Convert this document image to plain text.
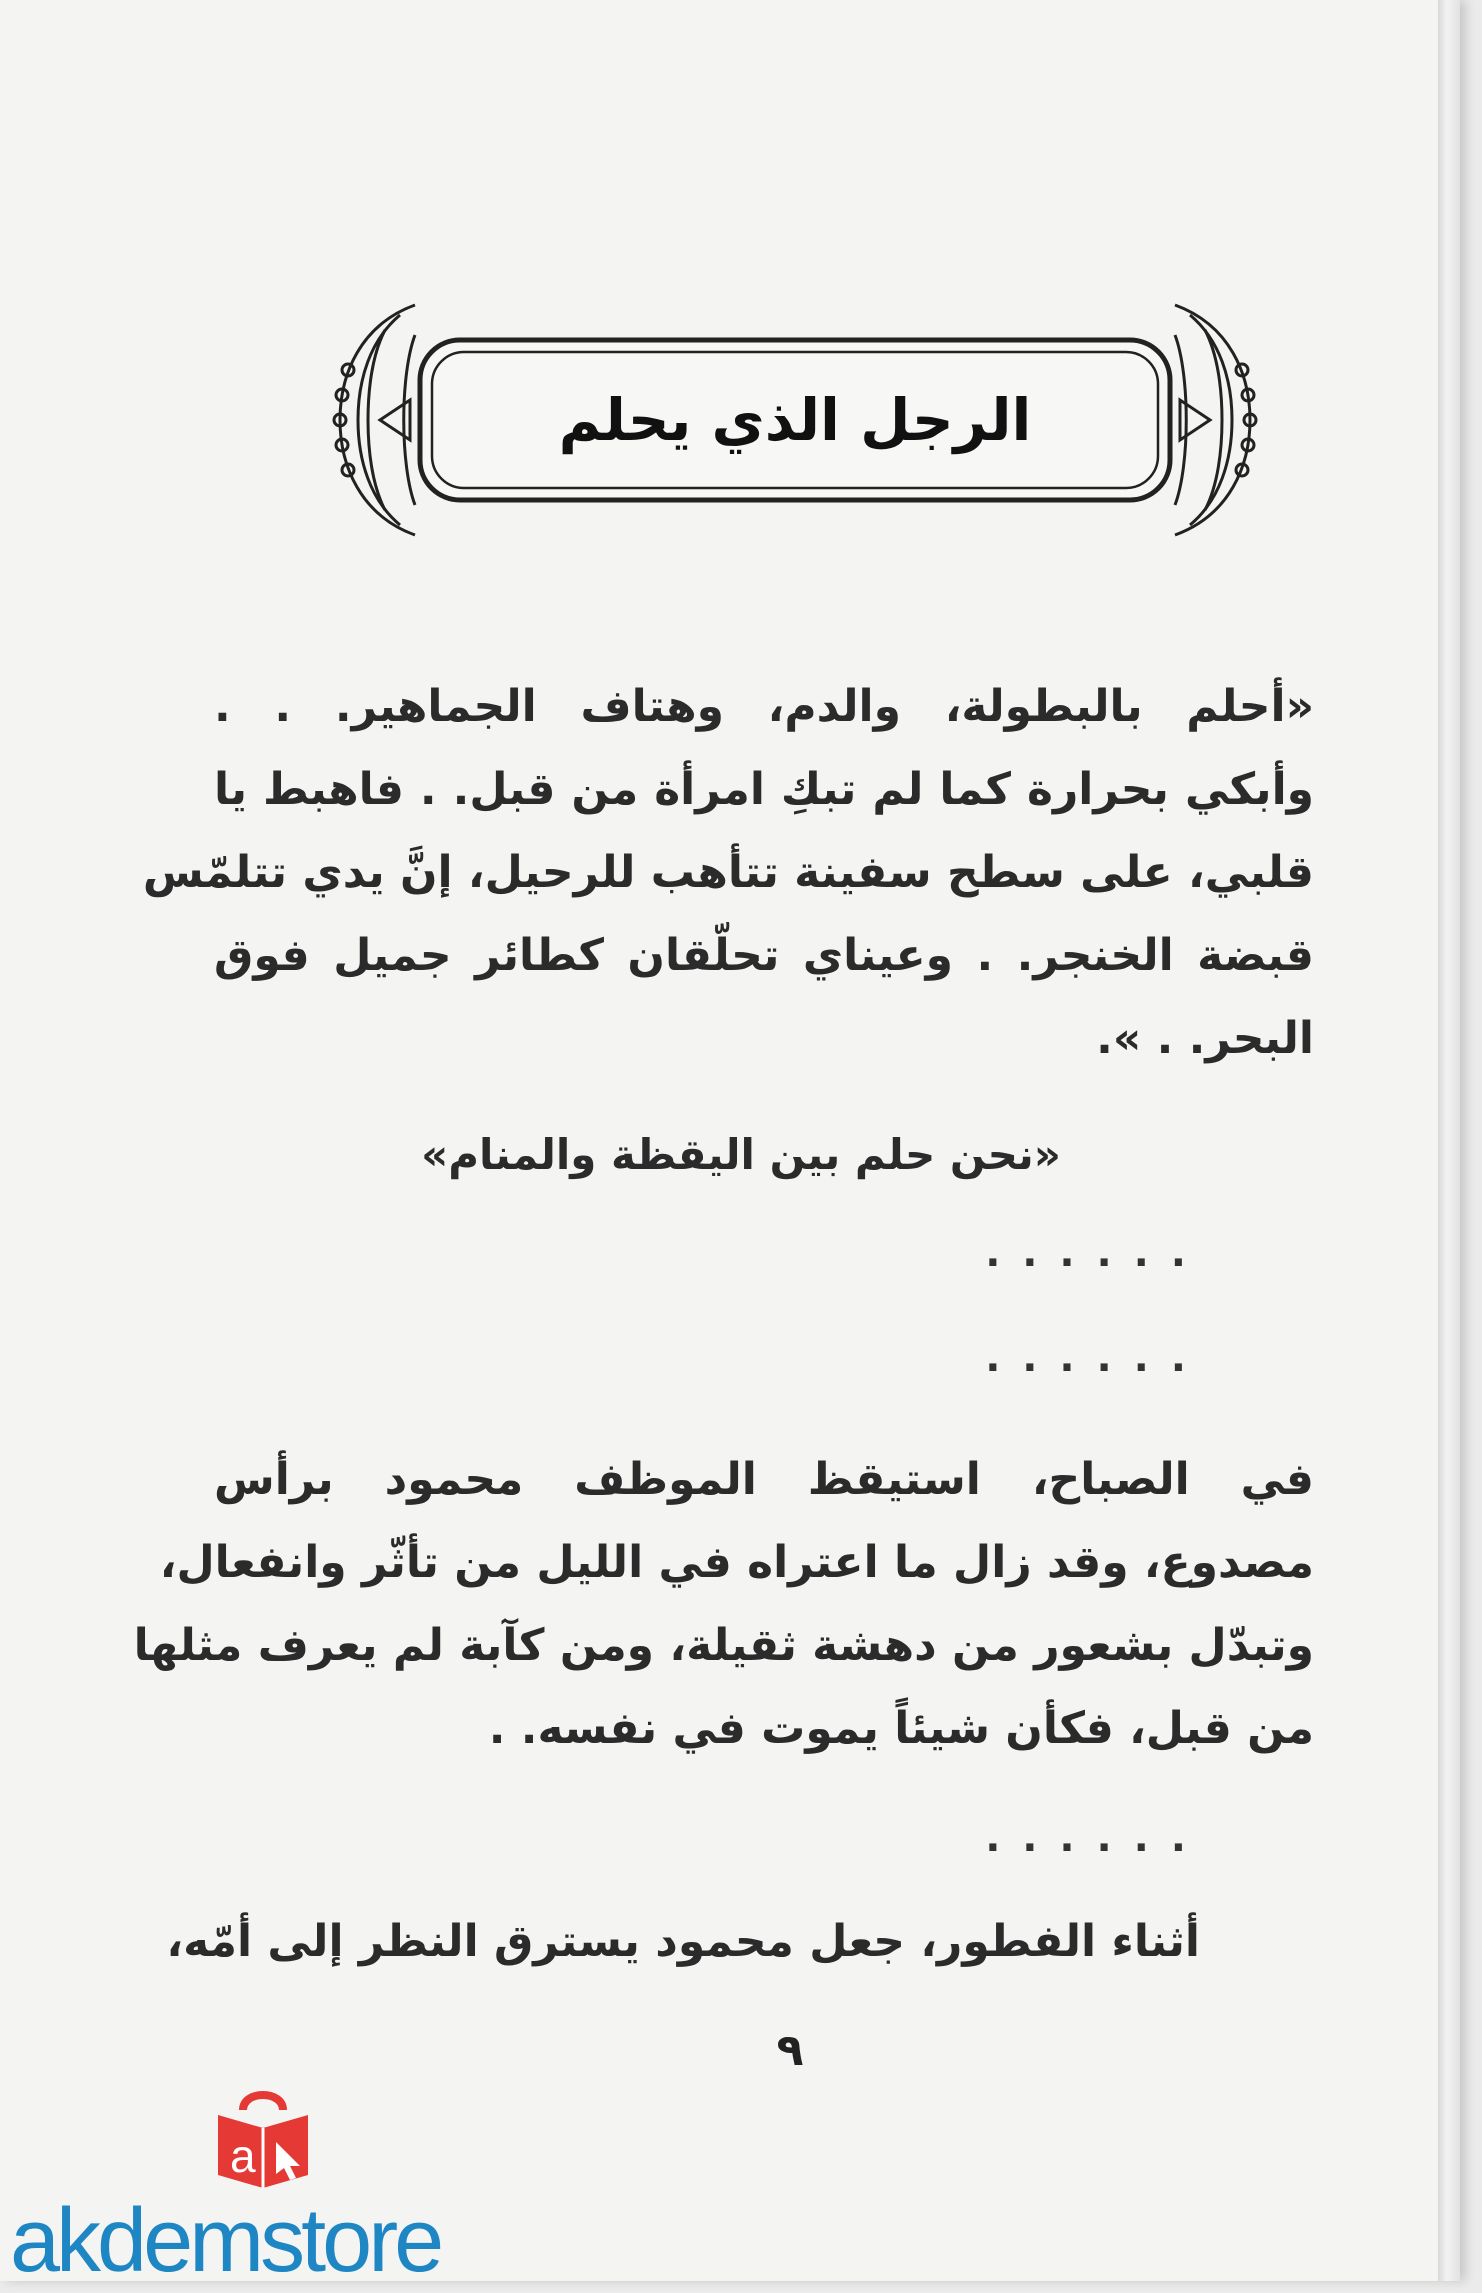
الرجل الذي يحلم
«أحلم بالبطولة، والدم، وهتاف الجماهير. . .
وأبكي بحرارة كما لم تبكِ امرأة من قبل. . فاهبط يا
قلبي، على سطح سفينة تتأهب للرحيل، إنَّ يدي تتلمّس
قبضة الخنجر. . وعيناي تحلّقان كطائر جميل فوق
البحر. . ».
«نحن حلم بين اليقظة والمنام»
. . . . . .
. . . . . .
في الصباح، استيقظ الموظف محمود برأس
مصدوع، وقد زال ما اعتراه في الليل من تأثّر وانفعال،
وتبدّل بشعور من دهشة ثقيلة، ومن كآبة لم يعرف مثلها
من قبل، فكأن شيئاً يموت في نفسه. .
. . . . . .
أثناء الفطور، جعل محمود يسترق النظر إلى أمّه،
٩
a
akdemstore
